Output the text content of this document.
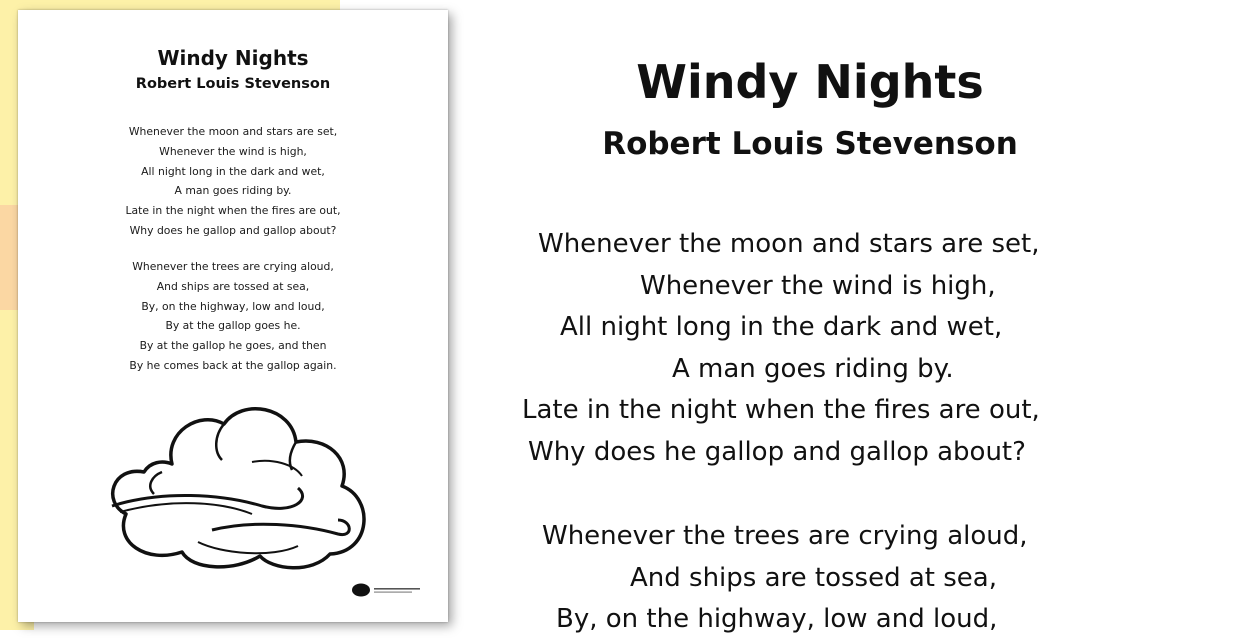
Windy Nights
Robert Louis Stevenson
Whenever the moon and stars are set,
Whenever the wind is high,
All night long in the dark and wet,
A man goes riding by.
Late in the night when the fires are out,
Why does he gallop and gallop about?
Whenever the trees are crying aloud,
And ships are tossed at sea,
By, on the highway, low and loud,
By at the gallop goes he.
By at the gallop he goes, and then
By he comes back at the gallop again.
Windy Nights
Robert Louis Stevenson
Whenever the moon and stars are set,
Whenever the wind is high,
All night long in the dark and wet,
A man goes riding by.
Late in the night when the fires are out,
Why does he gallop and gallop about?
Whenever the trees are crying aloud,
And ships are tossed at sea,
By, on the highway, low and loud,
